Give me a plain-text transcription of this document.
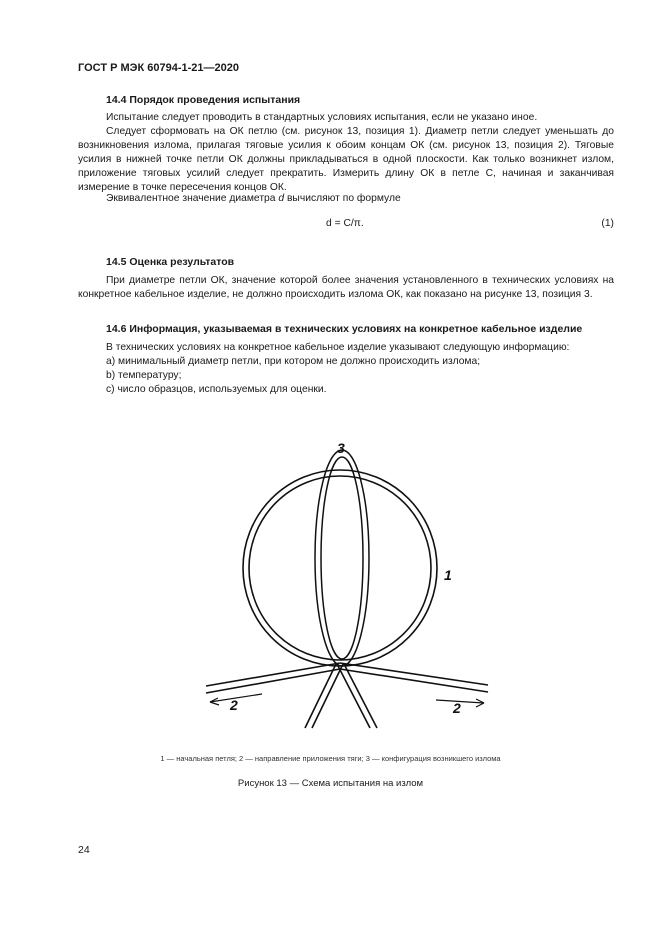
ГОСТ Р МЭК 60794-1-21—2020
14.4 Порядок проведения испытания
Испытание следует проводить в стандартных условиях испытания, если не указано иное.
Следует сформовать на ОК петлю (см. рисунок 13, позиция 1). Диаметр петли следует уменьшать до возникновения излома, прилагая тяговые усилия к обоим концам ОК (см. рисунок 13, позиция 2). Тяговые усилия в нижней точке петли ОК должны прикладываться в одной плоскости. Как только возникнет излом, приложение тяговых усилий следует прекратить. Измерить длину ОК в петле С, начиная и заканчивая измерение в точке пересечения концов ОК.
Эквивалентное значение диаметра d вычисляют по формуле
d = C/π.	(1)
14.5 Оценка результатов
При диаметре петли ОК, значение которой более значения установленного в технических условиях на конкретное кабельное изделие, не должно происходить излома ОК, как показано на рисунке 13, позиция 3.
14.6 Информация, указываемая в технических условиях на конкретное кабельное изделие
В технических условиях на конкретное кабельное изделие указывают следующую информацию:
a) минимальный диаметр петли, при котором не должно происходить излома;
b) температуру;
c) число образцов, используемых для оценки.
3
1
2	2
1 — начальная петля; 2 — направление приложения тяги; 3 — конфигурация возникшего излома
Рисунок 13 — Схема испытания на излом
24
